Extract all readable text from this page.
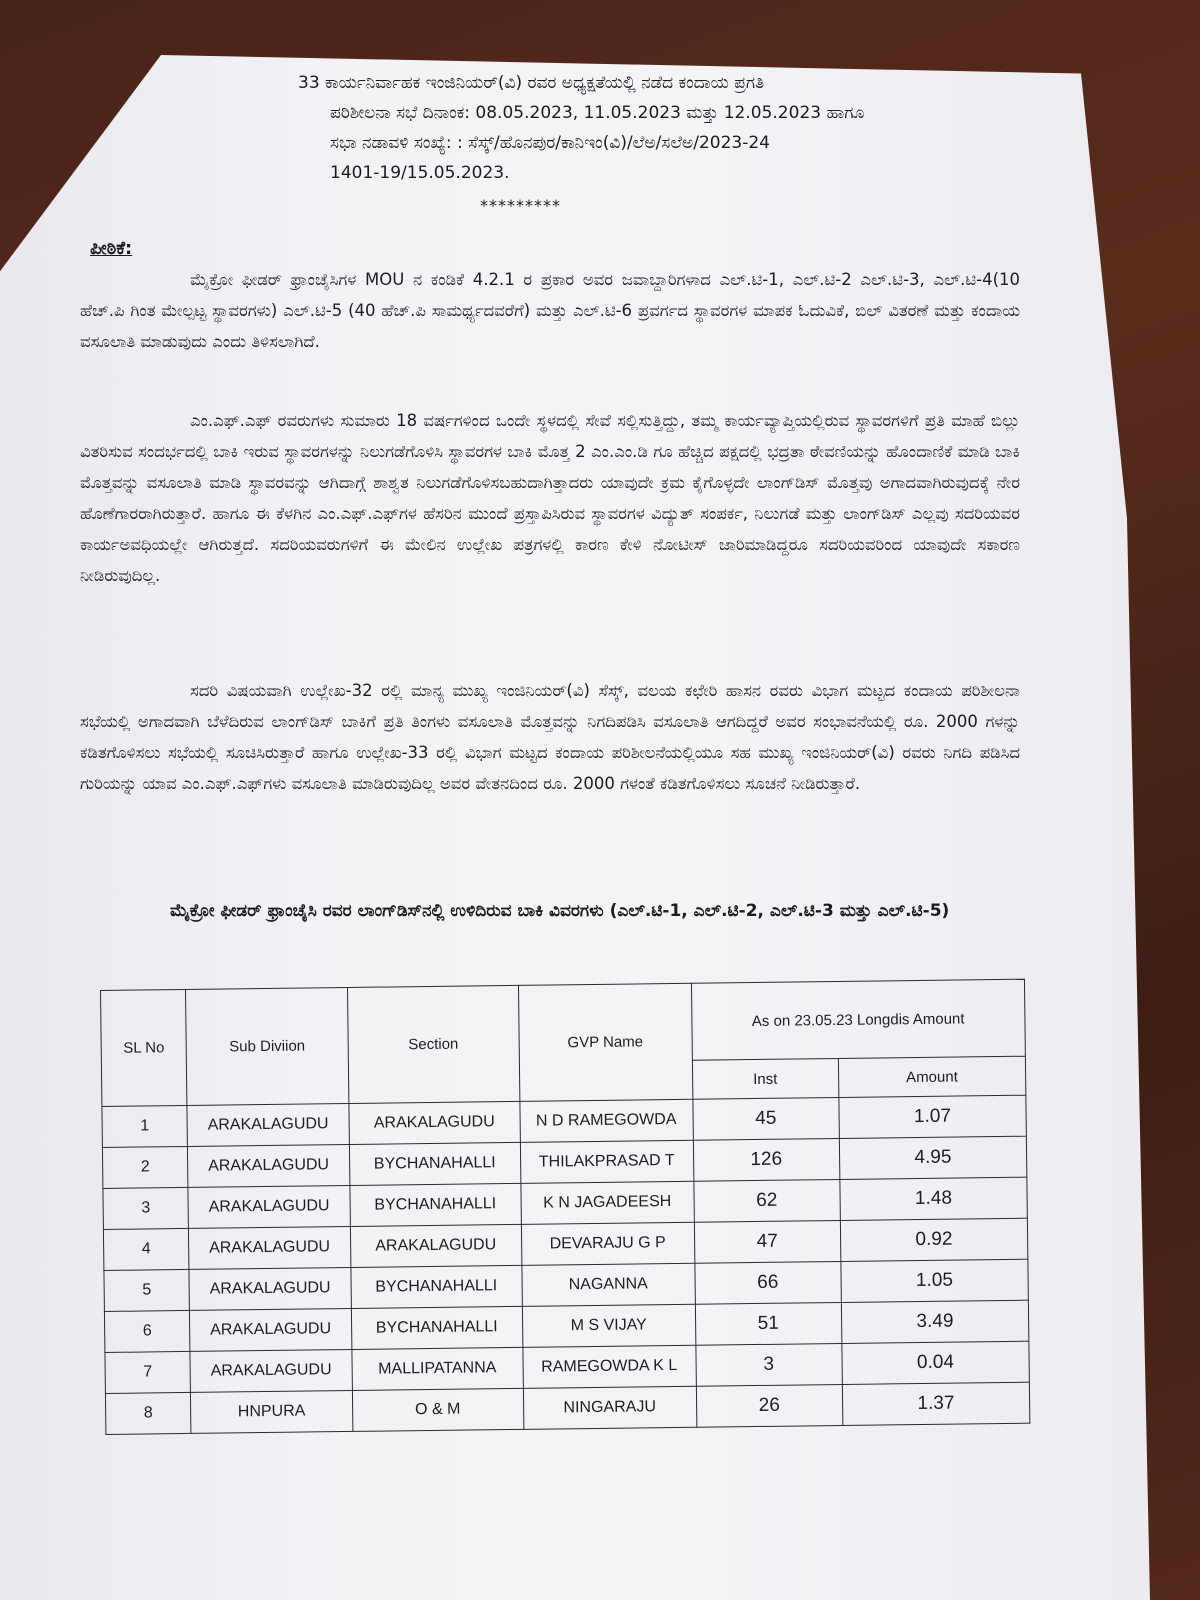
33 ಕಾರ್ಯನಿರ್ವಾಹಕ ಇಂಜಿನಿಯರ್(ವಿ) ರವರ ಅಧ್ಯಕ್ಷತೆಯಲ್ಲಿ ನಡೆದ ಕಂದಾಯ ಪ್ರಗತಿ
ಪರಿಶೀಲನಾ ಸಭೆ ದಿನಾಂಕ: 08.05.2023, 11.05.2023 ಮತ್ತು 12.05.2023 ಹಾಗೂ
ಸಭಾ ನಡಾವಳಿ ಸಂಖ್ಯೆ: : ಸೆಸ್ಕ್/ಹೊನಪುರ/ಕಾನಿಇಂ(ವಿ)/ಲೆಅ/ಸಲೆಅ/2023-24
1401-19/15.05.2023.
*********
ಪೀಠಿಕೆ:
ಮೈಕ್ರೋ ಫೀಡರ್ ಫ್ರಾಂಚೈಸಿಗಳ MOU ನ ಕಂಡಿಕೆ 4.2.1 ರ ಪ್ರಕಾರ ಅವರ ಜವಾಬ್ದಾರಿಗಳಾದ ಎಲ್.ಟಿ-1, ಎಲ್.ಟಿ-2 ಎಲ್.ಟಿ-3, ಎಲ್.ಟಿ-4(10 ಹೆಚ್.ಪಿ ಗಿಂತ ಮೇಲ್ಪಟ್ಟ ಸ್ಥಾವರಗಳು) ಎಲ್.ಟಿ-5 (40 ಹೆಚ್.ಪಿ ಸಾಮರ್ಥ್ಯದವರೆಗೆ) ಮತ್ತು ಎಲ್.ಟಿ-6 ಪ್ರವರ್ಗದ ಸ್ಥಾವರಗಳ ಮಾಪಕ ಓದುವಿಕೆ, ಬಿಲ್ ವಿತರಣೆ ಮತ್ತು ಕಂದಾಯ ವಸೂಲಾತಿ ಮಾಡುವುದು ಎಂದು ತಿಳಿಸಲಾಗಿದೆ.
ಎಂ.ಎಫ್.ಎಫ್ ರವರುಗಳು ಸುಮಾರು 18 ವರ್ಷಗಳಿಂದ ಒಂದೇ ಸ್ಥಳದಲ್ಲಿ ಸೇವೆ ಸಲ್ಲಿಸುತ್ತಿದ್ದು, ತಮ್ಮ ಕಾರ್ಯವ್ಯಾಪ್ತಿಯಲ್ಲಿರುವ ಸ್ಥಾವರಗಳಿಗೆ ಪ್ರತಿ ಮಾಹೆ ಬಿಲ್ಲು ವಿತರಿಸುವ ಸಂದರ್ಭದಲ್ಲಿ ಬಾಕಿ ಇರುವ ಸ್ಥಾವರಗಳನ್ನು ನಿಲುಗಡೆಗೊಳಿಸಿ ಸ್ಥಾವರಗಳ ಬಾಕಿ ಮೊತ್ತ 2 ಎಂ.ಎಂ.ಡಿ ಗೂ ಹೆಚ್ಚಿದ ಪಕ್ಷದಲ್ಲಿ ಭದ್ರತಾ ಠೇವಣಿಯನ್ನು ಹೊಂದಾಣಿಕೆ ಮಾಡಿ ಬಾಕಿ ಮೊತ್ತವನ್ನು ವಸೂಲಾತಿ ಮಾಡಿ ಸ್ಥಾವರವನ್ನು ಆಗಿದಾಗ್ಗೆ ಶಾಶ್ವತ ನಿಲುಗಡೆಗೊಳಿಸಬಹುದಾಗಿತ್ತಾದರು ಯಾವುದೇ ಕ್ರಮ ಕೈಗೊಳ್ಳದೇ ಲಾಂಗ್‌ಡಿಸ್ ಮೊತ್ತವು ಅಗಾದವಾಗಿರುವುದಕ್ಕೆ ನೇರ ಹೊಣೆಗಾರರಾಗಿರುತ್ತಾರೆ. ಹಾಗೂ ಈ ಕೆಳಗಿನ ಎಂ.ಎಫ್.ಎಫ್‌ಗಳ ಹೆಸರಿನ ಮುಂದೆ ಪ್ರಸ್ತಾಪಿಸಿರುವ ಸ್ಥಾವರಗಳ ವಿದ್ಯುತ್ ಸಂಪರ್ಕ, ನಿಲುಗಡೆ ಮತ್ತು ಲಾಂಗ್‌ಡಿಸ್ ಎಲ್ಲವು ಸದರಿಯವರ ಕಾರ್ಯಅವಧಿಯಲ್ಲೇ ಆಗಿರುತ್ತದೆ. ಸದರಿಯವರುಗಳಿಗೆ ಈ ಮೇಲಿನ ಉಲ್ಲೇಖ ಪತ್ರಗಳಲ್ಲಿ ಕಾರಣ ಕೇಳಿ ನೋಟೀಸ್ ಜಾರಿಮಾಡಿದ್ದರೂ ಸದರಿಯವರಿಂದ ಯಾವುದೇ ಸಕಾರಣ ನೀಡಿರುವುದಿಲ್ಲ.
ಸದರಿ ವಿಷಯವಾಗಿ ಉಲ್ಲೇಖ-32 ರಲ್ಲಿ ಮಾನ್ಯ ಮುಖ್ಯ ಇಂಜಿನಿಯರ್(ವಿ) ಸೆಸ್ಕ್, ವಲಯ ಕಛೇರಿ ಹಾಸನ ರವರು ವಿಭಾಗ ಮಟ್ಟದ ಕಂದಾಯ ಪರಿಶೀಲನಾ ಸಭೆಯಲ್ಲಿ ಅಗಾದವಾಗಿ ಬೆಳೆದಿರುವ ಲಾಂಗ್‌ಡಿಸ್ ಬಾಕಿಗೆ ಪ್ರತಿ ತಿಂಗಳು ವಸೂಲಾತಿ ಮೊತ್ತವನ್ನು ನಿಗದಿಪಡಿಸಿ ವಸೂಲಾತಿ ಆಗದಿದ್ದರೆ ಅವರ ಸಂಭಾವನೆಯಲ್ಲಿ ರೂ. 2000 ಗಳನ್ನು ಕಡಿತಗೊಳಿಸಲು ಸಭೆಯಲ್ಲಿ ಸೂಚಿಸಿರುತ್ತಾರೆ ಹಾಗೂ ಉಲ್ಲೇಖ-33 ರಲ್ಲಿ ವಿಭಾಗ ಮಟ್ಟದ ಕಂದಾಯ ಪರಿಶೀಲನೆಯಲ್ಲಿಯೂ ಸಹ ಮುಖ್ಯ ಇಂಜಿನಿಯರ್(ವಿ) ರವರು ನಿಗದಿ ಪಡಿಸಿದ ಗುರಿಯನ್ನು ಯಾವ ಎಂ.ಎಫ್.ಎಫ್‌ಗಳು ವಸೂಲಾತಿ ಮಾಡಿರುವುದಿಲ್ಲ ಅವರ ವೇತನದಿಂದ ರೂ. 2000 ಗಳಂತೆ ಕಡಿತಗೊಳಿಸಲು ಸೂಚನೆ ನೀಡಿರುತ್ತಾರೆ.
ಮೈಕ್ರೋ ಫೀಡರ್ ಫ್ರಾಂಚೈಸಿ ರವರ ಲಾಂಗ್‌ಡಿಸ್‌ನಲ್ಲಿ ಉಳಿದಿರುವ ಬಾಕಿ ವಿವರಗಳು (ಎಲ್.ಟಿ-1, ಎಲ್.ಟಿ-2, ಎಲ್.ಟಿ-3 ಮತ್ತು ಎಲ್.ಟಿ-5)
SL No	Sub Diviion	Section	GVP Name	As on 23.05.23 Longdis Amount	
				Inst	Amount
1	ARAKALAGUDU	ARAKALAGUDU	N D RAMEGOWDA	45	1.07
2	ARAKALAGUDU	BYCHANAHALLI	THILAKPRASAD T	126	4.95
3	ARAKALAGUDU	BYCHANAHALLI	K N JAGADEESH	62	1.48
4	ARAKALAGUDU	ARAKALAGUDU	DEVARAJU G P	47	0.92
5	ARAKALAGUDU	BYCHANAHALLI	NAGANNA	66	1.05
6	ARAKALAGUDU	BYCHANAHALLI	M S VIJAY	51	3.49
7	ARAKALAGUDU	MALLIPATANNA	RAMEGOWDA K L	3	0.04
8	HNPURA	O & M	NINGARAJU	26	1.37
